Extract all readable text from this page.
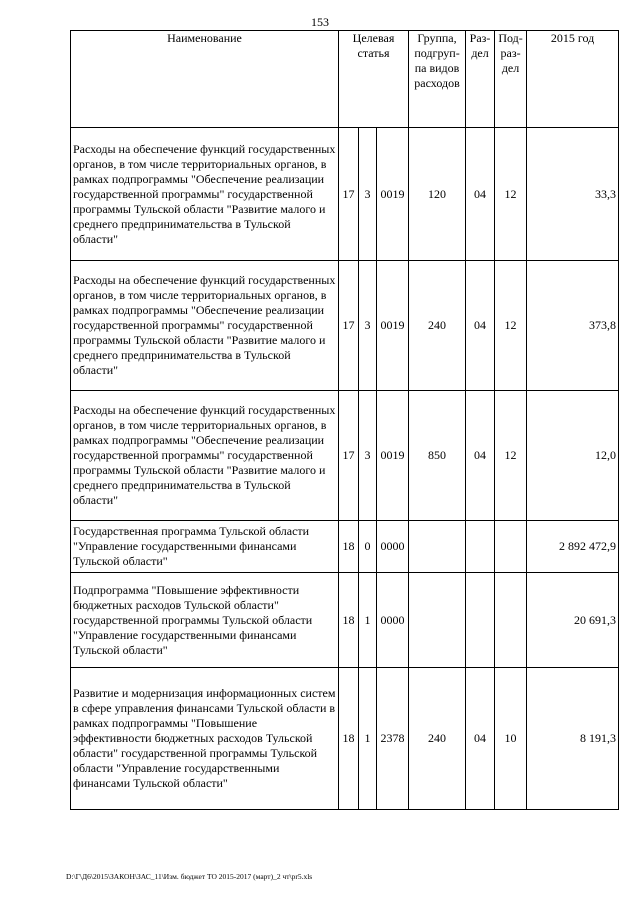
153
Наименование	Целевая статья			Группа, подгруп-па видов расходов	Раз-дел	Под-раз-дел	2015 год
Расходы на обеспечение функций государственных органов, в том числе территориальных органов, в рамках подпрограммы "Обеспечение реализации государственной программы" государственной программы Тульской области "Развитие малого и среднего предпринимательства в Тульской области"	17	3	0019	120	04	12	33,3
Расходы на обеспечение функций государственных органов, в том числе территориальных органов, в рамках подпрограммы "Обеспечение реализации государственной программы" государственной программы Тульской области "Развитие малого и среднего предпринимательства в Тульской области"	17	3	0019	240	04	12	373,8
Расходы на обеспечение функций государственных органов, в том числе территориальных органов, в рамках подпрограммы "Обеспечение реализации государственной программы" государственной программы Тульской области "Развитие малого и среднего предпринимательства в Тульской области"	17	3	0019	850	04	12	12,0
Государственная программа Тульской области "Управление государственными финансами Тульской области"	18	0	0000				2 892 472,9
Подпрограмма "Повышение эффективности бюджетных расходов Тульской области" государственной программы Тульской области "Управление государственными финансами Тульской области"	18	1	0000				20 691,3
Развитие и модернизация информационных систем в сфере управления финансами Тульской области в рамках подпрограммы "Повышение эффективности бюджетных расходов Тульской области" государственной программы Тульской области "Управление государственными финансами Тульской области"	18	1	2378	240	04	10	8 191,3
D:\Г\Д6\2015\ЗАКОН\ЗАС_11\Изм. бюджет ТО 2015-2017 (март)_2 чт\pr5.xls
